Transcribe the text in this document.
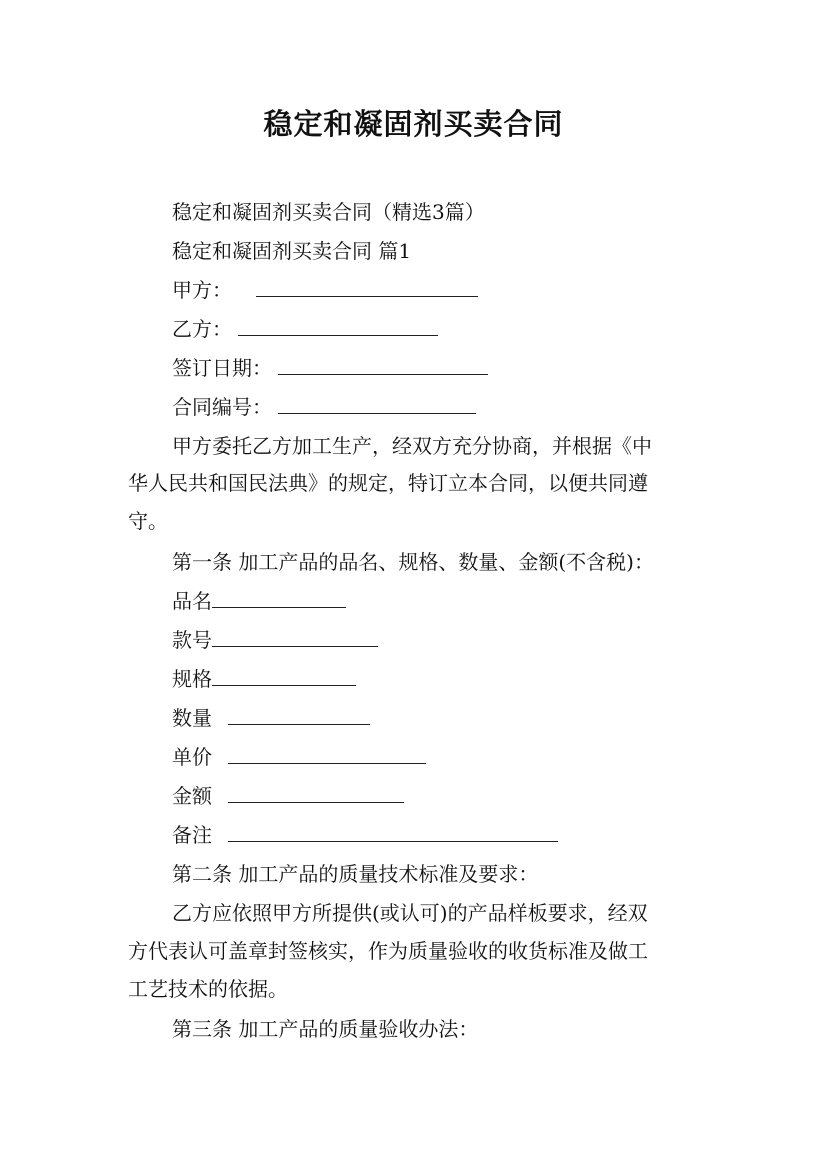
稳定和凝固剂买卖合同
稳定和凝固剂买卖合同（精选3篇）
稳定和凝固剂买卖合同 篇1
甲方：
乙方：
签订日期：
合同编号：
甲方委托乙方加工生产，经双方充分协商，并根据《中
华人民共和国民法典》的规定，特订立本合同，以便共同遵
守。
第一条 加工产品的品名、规格、数量、金额(不含税)：
品名
款号
规格
数量
单价
金额
备注
第二条 加工产品的质量技术标准及要求：
乙方应依照甲方所提供(或认可)的产品样板要求，经双
方代表认可盖章封签核实，作为质量验收的收货标准及做工
工艺技术的依据。
第三条 加工产品的质量验收办法：
